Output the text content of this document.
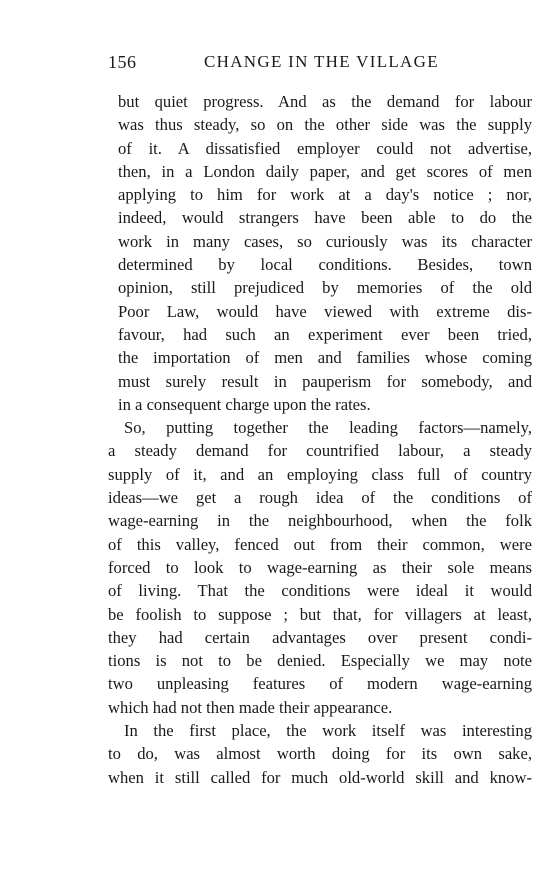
156	CHANGE IN THE VILLAGE
but quiet progress. And as the demand for labour
was thus steady, so on the other side was the supply
of it. A dissatisfied employer could not advertise,
then, in a London daily paper, and get scores of men
applying to him for work at a day's notice ; nor,
indeed, would strangers have been able to do the
work in many cases, so curiously was its character
determined by local conditions. Besides, town
opinion, still prejudiced by memories of the old
Poor Law, would have viewed with extreme dis-
favour, had such an experiment ever been tried,
the importation of men and families whose coming
must surely result in pauperism for somebody, and
in a consequent charge upon the rates.
So, putting together the leading factors—namely,
a steady demand for countrified labour, a steady
supply of it, and an employing class full of country
ideas—we get a rough idea of the conditions of
wage-earning in the neighbourhood, when the folk
of this valley, fenced out from their common, were
forced to look to wage-earning as their sole means
of living. That the conditions were ideal it would
be foolish to suppose ; but that, for villagers at least,
they had certain advantages over present condi-
tions is not to be denied. Especially we may note
two unpleasing features of modern wage-earning
which had not then made their appearance.
In the first place, the work itself was interesting
to do, was almost worth doing for its own sake,
when it still called for much old-world skill and know-
